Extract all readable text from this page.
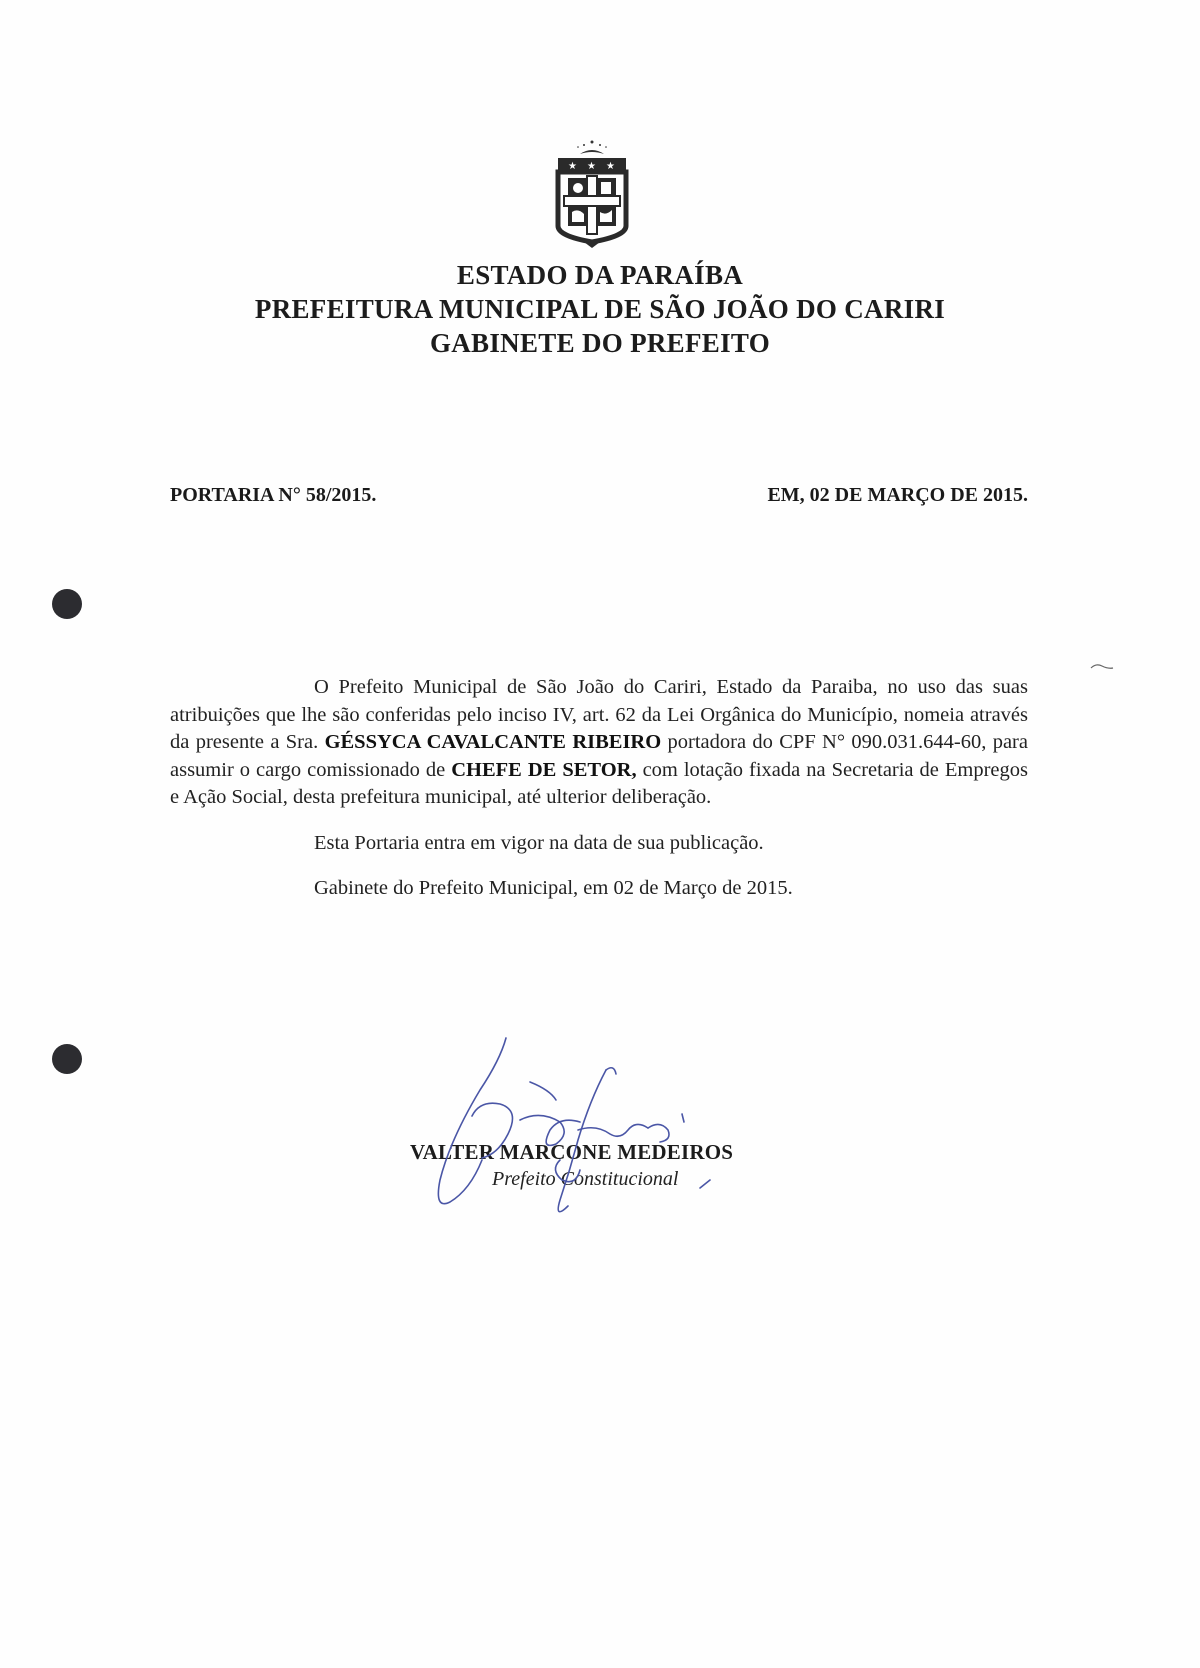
★ ★ ★
ESTADO DA PARAÍBA
PREFEITURA MUNICIPAL DE SÃO JOÃO DO CARIRI
GABINETE DO PREFEITO
PORTARIA N° 58/2015.	EM, 02 DE MARÇO DE 2015.

O Prefeito Municipal de São João do Cariri, Estado da Paraiba, no uso das suas atribuições que lhe são conferidas pelo inciso IV, art. 62 da Lei Orgânica do Município, nomeia através da presente a Sra. GÉSSYCA CAVALCANTE RIBEIRO portadora do CPF N° 090.031.644-60, para assumir o cargo comissionado de CHEFE DE SETOR, com lotação fixada na Secretaria de Empregos e Ação Social, desta prefeitura municipal, até ulterior deliberação.

Esta Portaria entra em vigor na data de sua publicação.

Gabinete do Prefeito Municipal, em 02 de Março de 2015.

VALTER MARCONE MEDEIROS
Prefeito Constitucional
